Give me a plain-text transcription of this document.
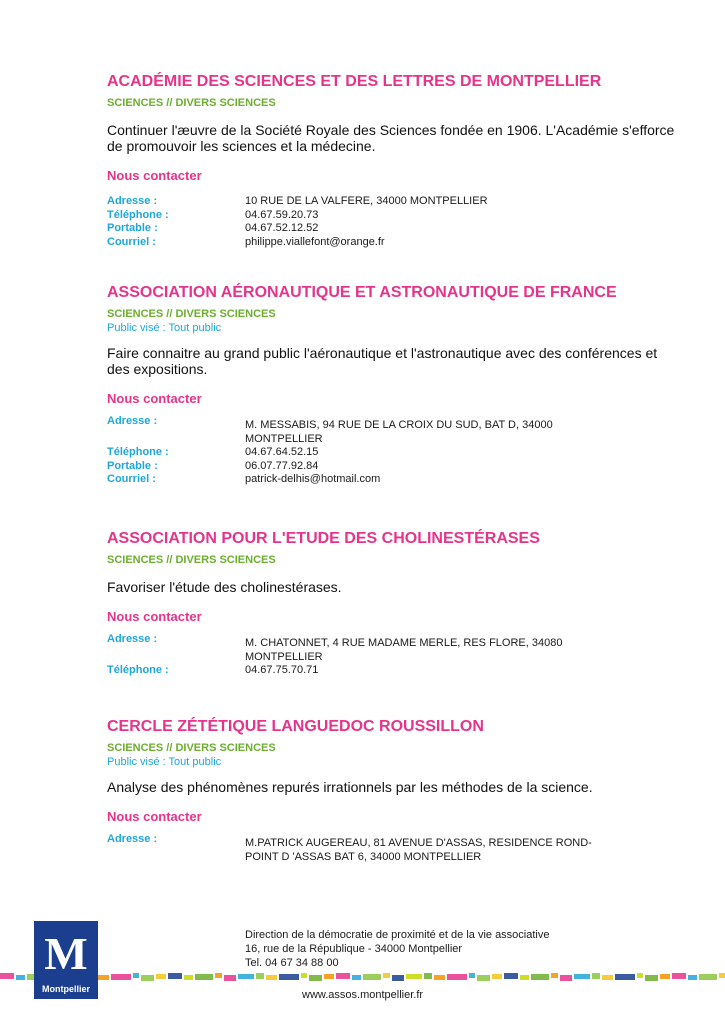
ACADÉMIE DES SCIENCES ET DES LETTRES DE MONTPELLIER
SCIENCES // DIVERS SCIENCES
Continuer l'æuvre de la Société Royale des Sciences fondée en 1906. L'Académie s'efforce de promouvoir les sciences et la médecine.
Nous contacter
Adresse :	10 RUE DE LA VALFERE, 34000 MONTPELLIER
Téléphone :	04.67.59.20.73
Portable :	04.67.52.12.52
Courriel :	philippe.viallefont@orange.fr
ASSOCIATION AÉRONAUTIQUE ET ASTRONAUTIQUE DE FRANCE
SCIENCES // DIVERS SCIENCES
Public visé : Tout public
Faire connaitre au grand public l'aéronautique et l'astronautique avec des conférences et des expositions.
Nous contacter
Adresse :	M. MESSABIS, 94 RUE DE LA CROIX DU SUD, BAT D, 34000 MONTPELLIER
Téléphone :	04.67.64.52.15
Portable :	06.07.77.92.84
Courriel :	patrick-delhis@hotmail.com
ASSOCIATION POUR L'ETUDE DES CHOLINESTÉRASES
SCIENCES // DIVERS SCIENCES
Favoriser l'étude des cholinestérases.
Nous contacter
Adresse :	M. CHATONNET, 4 RUE MADAME MERLE, RES FLORE, 34080 MONTPELLIER
Téléphone :	04.67.75.70.71
CERCLE ZÉTÉTIQUE LANGUEDOC ROUSSILLON
SCIENCES // DIVERS SCIENCES
Public visé : Tout public
Analyse des phénomènes repurés irrationnels par les méthodes de la science.
Nous contacter
Adresse :	M.PATRICK AUGEREAU, 81 AVENUE D'ASSAS, RESIDENCE ROND-POINT D 'ASSAS BAT 6, 34000 MONTPELLIER
Direction de la démocratie de proximité et de la vie associative
16, rue de la République - 34000 Montpellier
Tel. 04 67 34 88 00
M
Montpellier	www.assos.montpellier.fr
